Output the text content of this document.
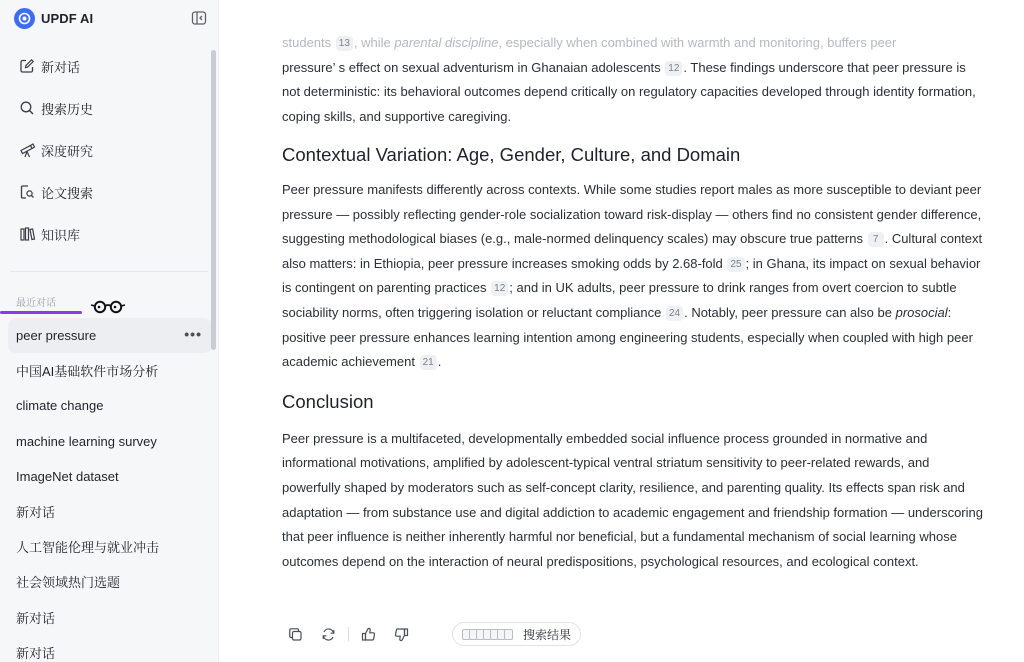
UPDF AI
新对话
搜索历史
深度研究
论文搜索
知识库
最近对话
peer pressure	•••
中国AI基础软件市场分析
climate change
machine learning survey
ImageNet dataset
新对话
人工智能伦理与就业冲击
社会领域热门选题
新对话
新对话

students 13 , while parental discipline, especially when combined with warmth and monitoring, buffers peer
pressure’ s effect on sexual adventurism in Ghanaian adolescents 12 . These findings underscore that peer pressure is not deterministic: its behavioral outcomes depend critically on regulatory capacities developed through identity formation, coping skills, and supportive caregiving.

Contextual Variation: Age, Gender, Culture, and Domain

Peer pressure manifests differently across contexts. While some studies report males as more susceptible to deviant peer pressure — possibly reflecting gender-role socialization toward risk-display — others find no consistent gender difference, suggesting methodological biases (e.g., male-normed delinquency scales) may obscure true patterns 7 . Cultural context also matters: in Ethiopia, peer pressure increases smoking odds by 2.68-fold 25 ; in Ghana, its impact on sexual behavior is contingent on parenting practices 12 ; and in UK adults, peer pressure to drink ranges from overt coercion to subtle sociability norms, often triggering isolation or reluctant compliance 24 . Notably, peer pressure can also be prosocial: positive peer pressure enhances learning intention among engineering students, especially when coupled with high peer academic achievement 21 .

Conclusion

Peer pressure is a multifaceted, developmentally embedded social influence process grounded in normative and informational motivations, amplified by adolescent-typical ventral striatum sensitivity to peer-related rewards, and powerfully shaped by moderators such as self-concept clarity, resilience, and parenting quality. Its effects span risk and adaptation — from substance use and digital addiction to academic engagement and friendship formation — underscoring that peer influence is neither inherently harmful nor beneficial, but a fundamental mechanism of social learning whose outcomes depend on the interaction of neural predispositions, psychological resources, and ecological context.

搜索结果
